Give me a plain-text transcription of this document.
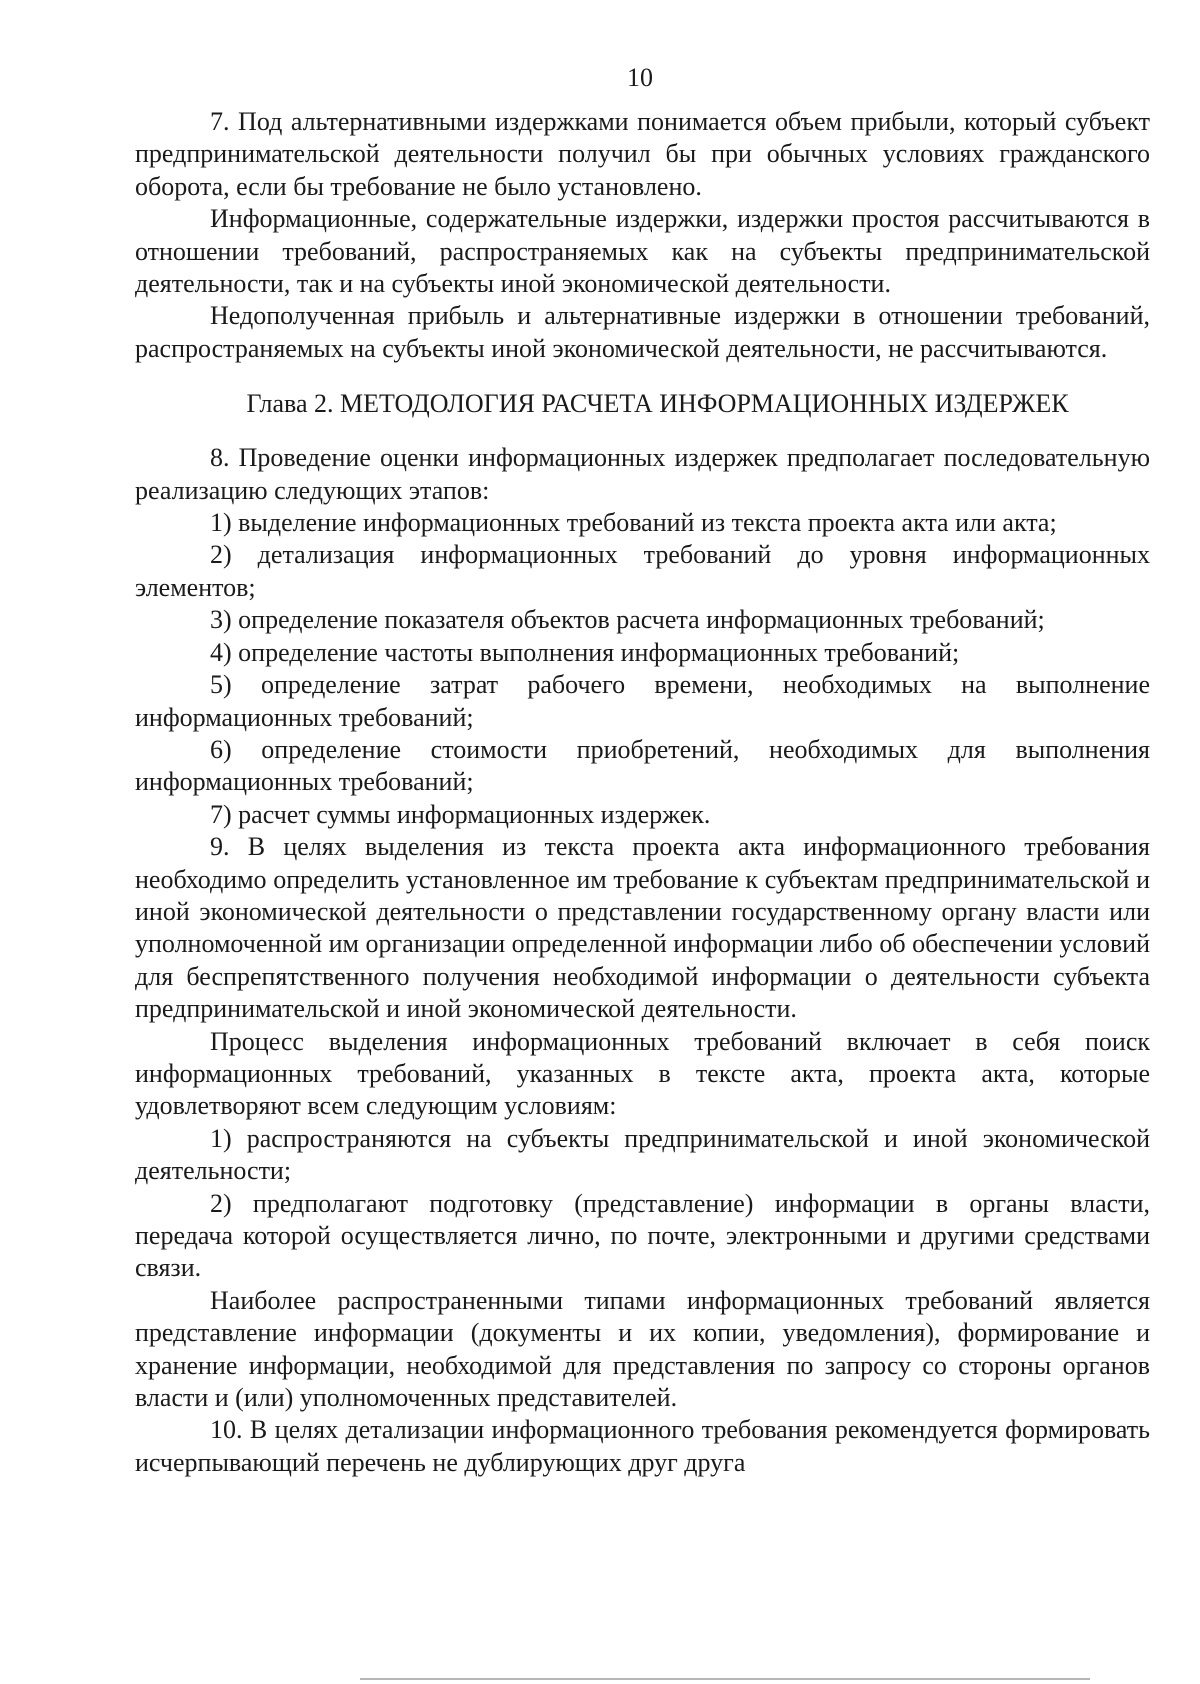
10

7. Под альтернативными издержками понимается объем прибыли, который субъект предпринимательской деятельности получил бы при обычных условиях гражданского оборота, если бы требование не было установлено.

Информационные, содержательные издержки, издержки простоя рассчитываются в отношении требований, распространяемых как на субъекты предпринимательской деятельности, так и на субъекты иной экономической деятельности.

Недополученная прибыль и альтернативные издержки в отношении требований, распространяемых на субъекты иной экономической деятельности, не рассчитываются.

Глава 2. МЕТОДОЛОГИЯ РАСЧЕТА ИНФОРМАЦИОННЫХ ИЗДЕРЖЕК

8. Проведение оценки информационных издержек предполагает последовательную реализацию следующих этапов:

1) выделение информационных требований из текста проекта акта или акта;

2) детализация информационных требований до уровня информационных элементов;

3) определение показателя объектов расчета информационных требований;

4) определение частоты выполнения информационных требований;

5) определение затрат рабочего времени, необходимых на выполнение информационных требований;

6) определение стоимости приобретений, необходимых для выполнения информационных требований;

7) расчет суммы информационных издержек.

9. В целях выделения из текста проекта акта информационного требования необходимо определить установленное им требование к субъектам предпринимательской и иной экономической деятельности о представлении государственному органу власти или уполномоченной им организации определенной информации либо об обеспечении условий для беспрепятственного получения необходимой информации о деятельности субъекта предпринимательской и иной экономической деятельности.

Процесс выделения информационных требований включает в себя поиск информационных требований, указанных в тексте акта, проекта акта, которые удовлетворяют всем следующим условиям:

1) распространяются на субъекты предпринимательской и иной экономической деятельности;

2) предполагают подготовку (представление) информации в органы власти, передача которой осуществляется лично, по почте, электронными и другими средствами связи.

Наиболее распространенными типами информационных требований является представление информации (документы и их копии, уведомления), формирование и хранение информации, необходимой для представления по запросу со стороны органов власти и (или) уполномоченных представителей.

10. В целях детализации информационного требования рекомендуется формировать исчерпывающий перечень не дублирующих друг друга
